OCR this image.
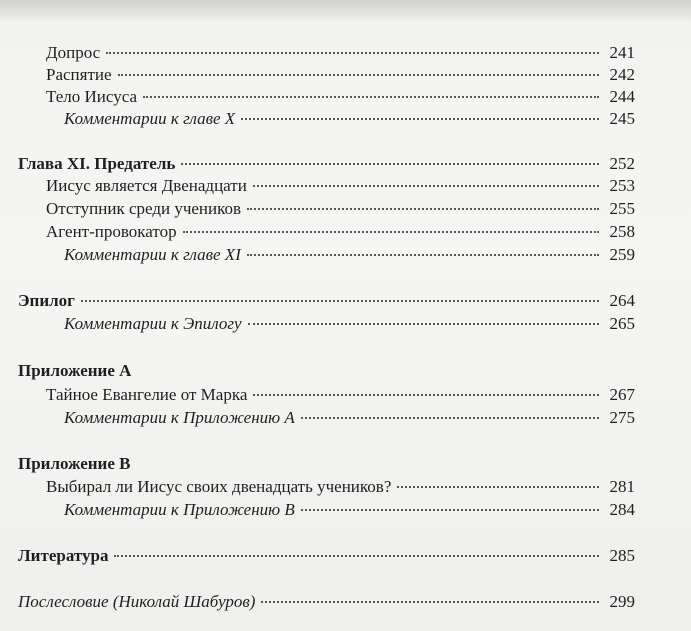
Допрос	241
Распятие	242
Тело Иисуса	244
Комментарии к главе X	245
Глава XI. Предатель	252
Иисус является Двенадцати	253
Отступник среди учеников	255
Агент-провокатор	258
Комментарии к главе XI	259
Эпилог	264
Комментарии к Эпилогу	265
Приложение А
Тайное Евангелие от Марка	267
Комментарии к Приложению А	275
Приложение В
Выбирал ли Иисус своих двенадцать учеников?	281
Комментарии к Приложению В	284
Литература	285
Послесловие (Николай Шабуров)	299
